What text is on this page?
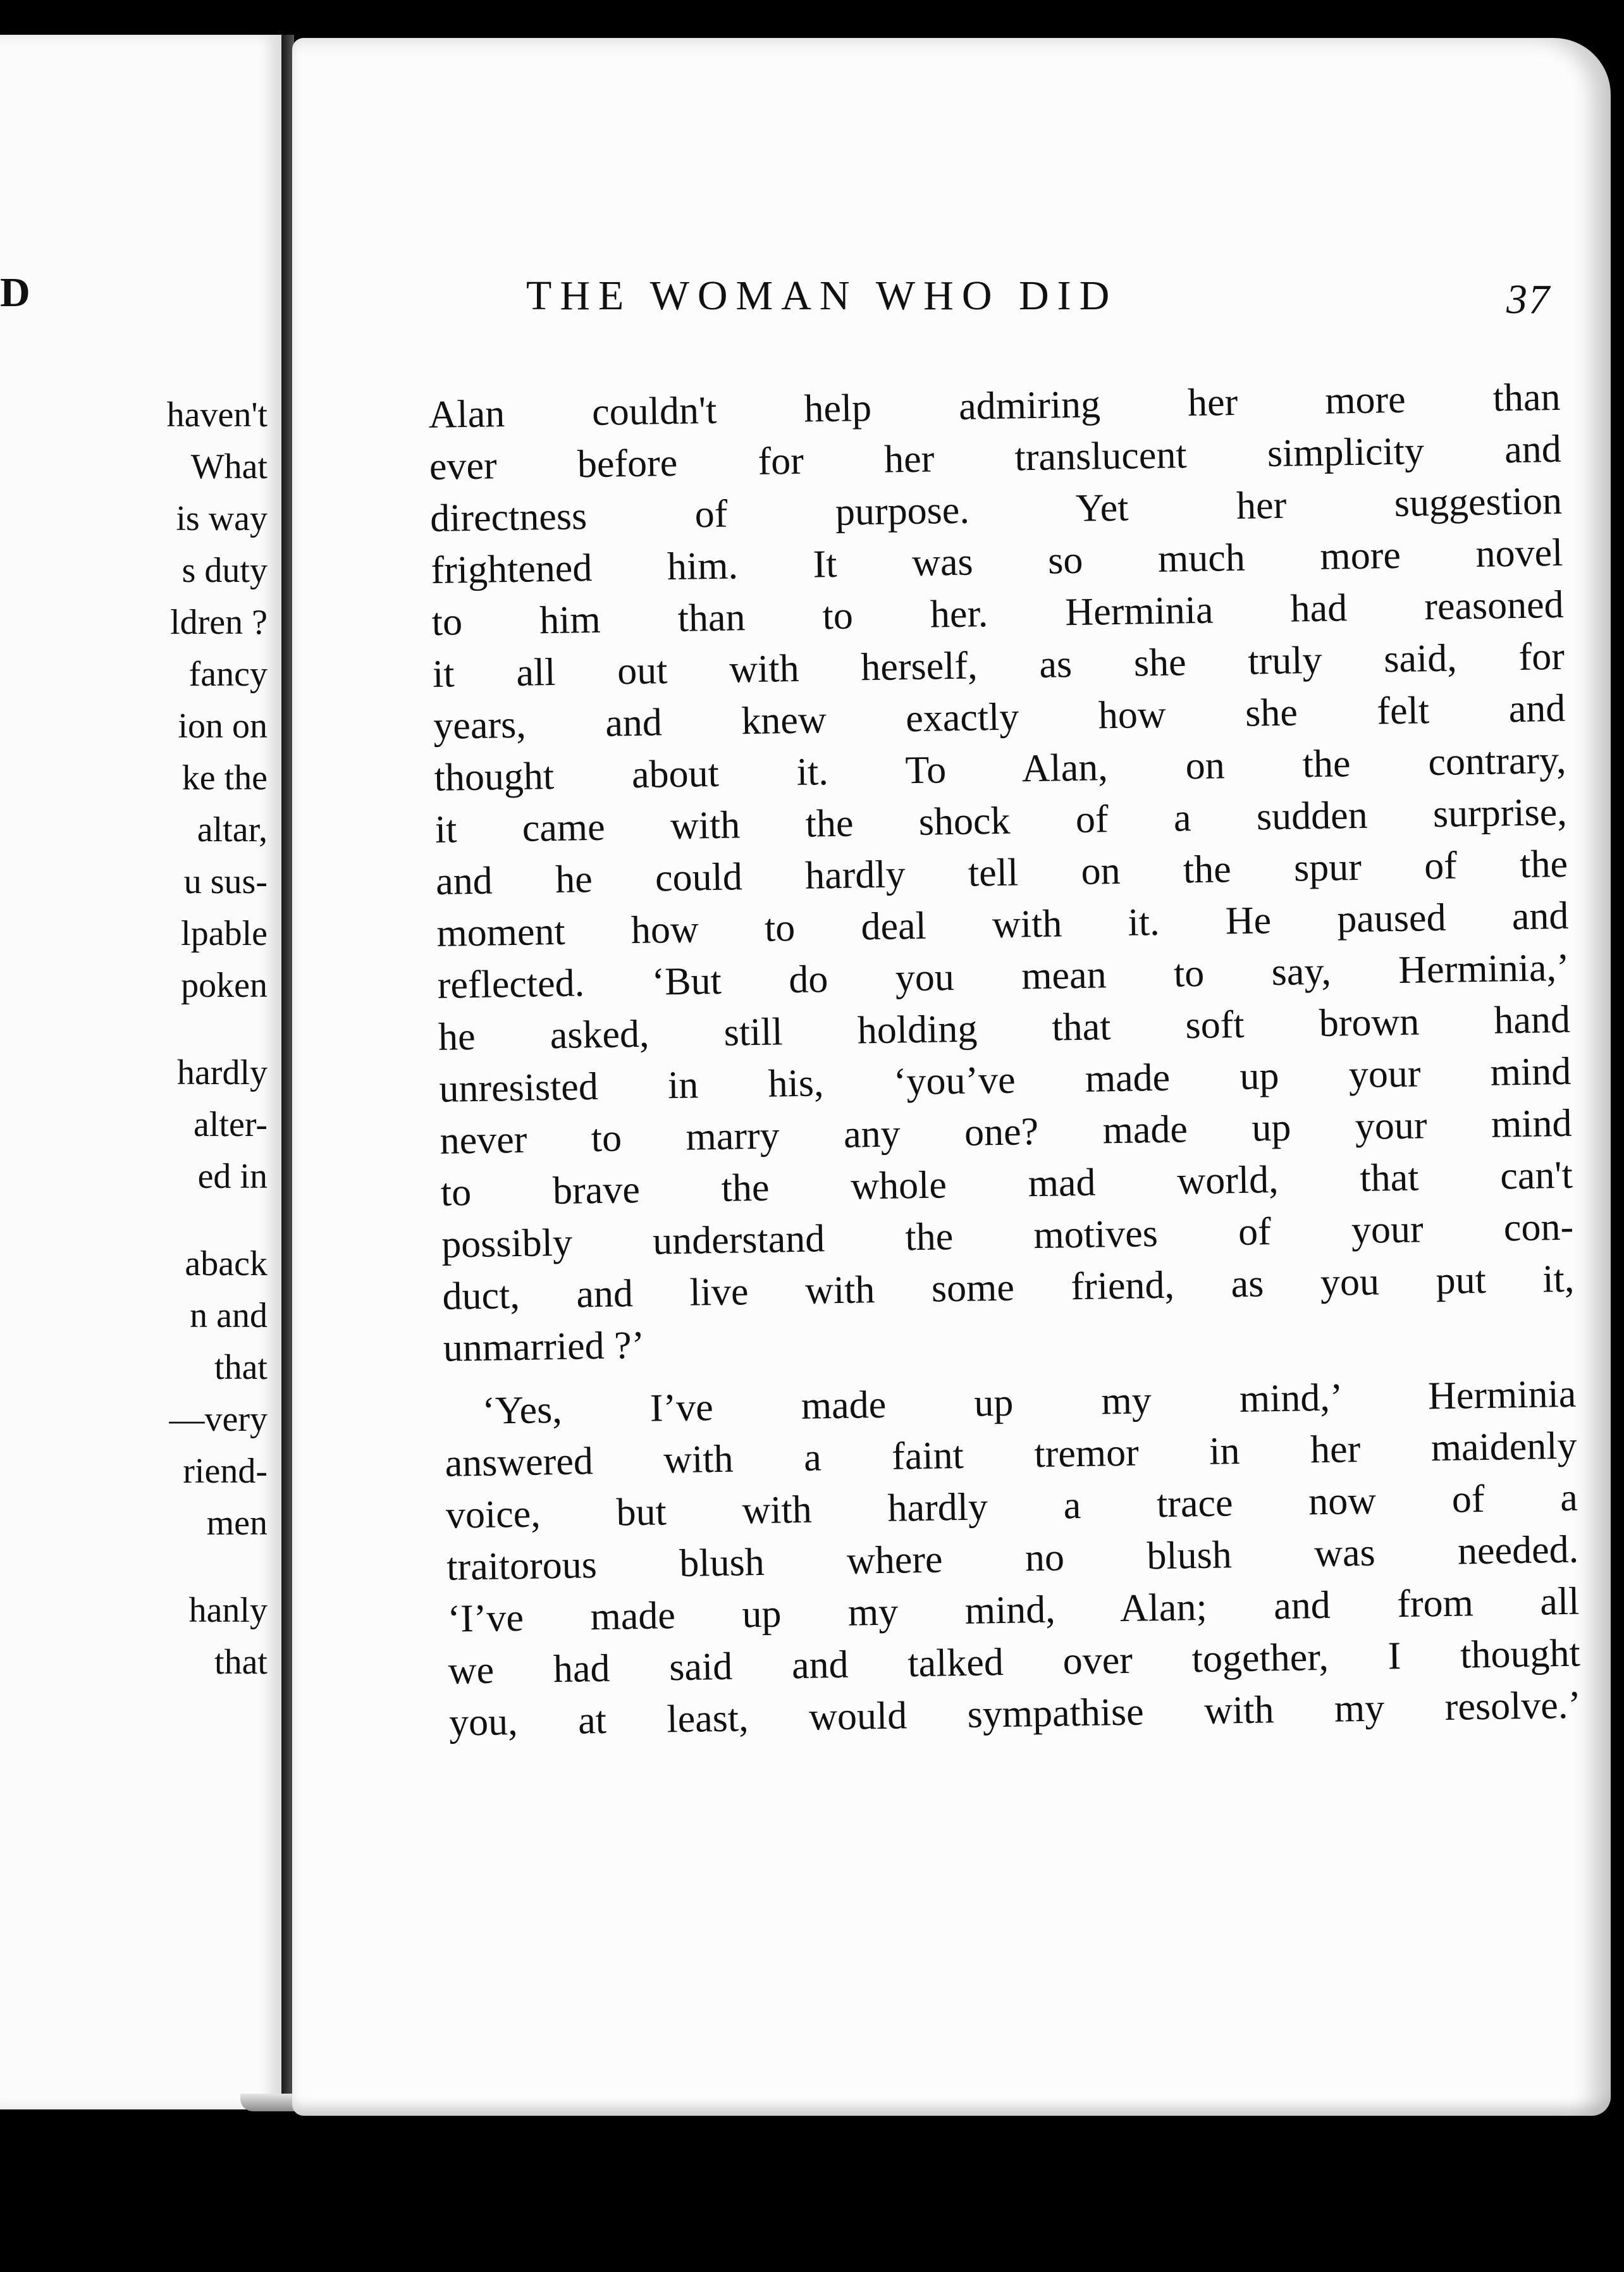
D
haven't
What
is way
s duty
ldren ?
fancy
ion on
ke the
altar,
u sus-
lpable
poken
hardly
alter-
ed in
aback
n and
that
—very
riend-
men
hanly
that
THE WOMAN WHO DID	37
Alan couldn't help admiring her more than
ever before for her translucent simplicity and
directness of purpose. Yet her suggestion
frightened him. It was so much more novel
to him than to her. Herminia had reasoned
it all out with herself, as she truly said, for
years, and knew exactly how she felt and
thought about it. To Alan, on the contrary,
it came with the shock of a sudden surprise,
and he could hardly tell on the spur of the
moment how to deal with it. He paused and
reflected. ‘But do you mean to say, Herminia,’
he asked, still holding that soft brown hand
unresisted in his, ‘you’ve made up your mind
never to marry any one? made up your mind
to brave the whole mad world, that can't
possibly understand the motives of your con-
duct, and live with some friend, as you put it,
unmarried ?’
‘Yes, I’ve made up my mind,’ Herminia
answered with a faint tremor in her maidenly
voice, but with hardly a trace now of a
traitorous blush where no blush was needed.
‘I’ve made up my mind, Alan; and from all
we had said and talked over together, I thought
you, at least, would sympathise with my resolve.’
